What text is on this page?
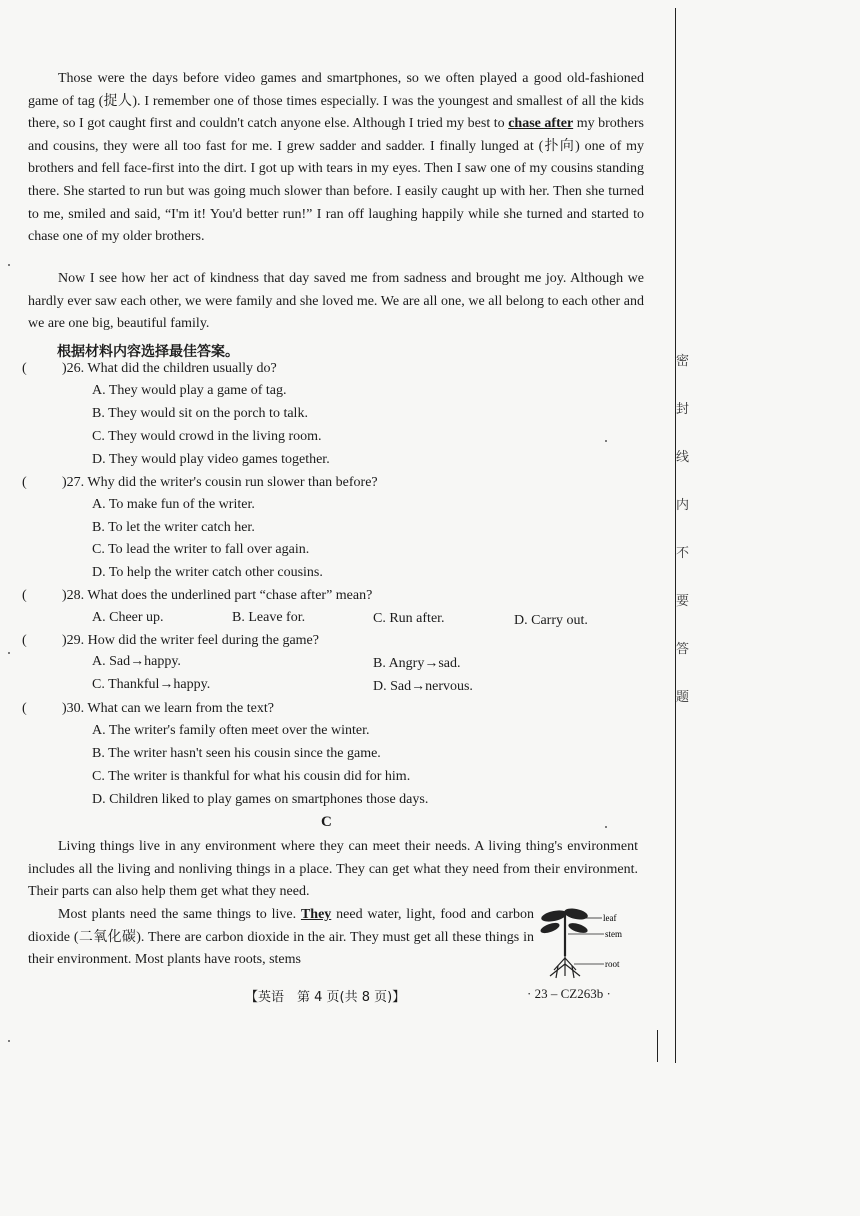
Those were the days before video games and smartphones, so we often played a good old-fashioned game of tag (捉人). I remember one of those times especially. I was the youngest and smallest of all the kids there, so I got caught first and couldn't catch anyone else. Although I tried my best to chase after my brothers and cousins, they were all too fast for me. I grew sadder and sadder. I finally lunged at (扑向) one of my brothers and fell face-first into the dirt. I got up with tears in my eyes. Then I saw one of my cousins standing there. She started to run but was going much slower than before. I easily caught up with her. Then she turned to me, smiled and said, “I'm it! You'd better run!” I ran off laughing happily while she turned and started to chase one of my older brothers.
Now I see how her act of kindness that day saved me from sadness and brought me joy. Although we hardly ever saw each other, we were family and she loved me. We are all one, we all belong to each other and we are one big, beautiful family.
根据材料内容选择最佳答案。
(	)26. What did the children usually do?
A. They would play a game of tag.
B. They would sit on the porch to talk.
C. They would crowd in the living room.
D. They would play video games together.
(	)27. Why did the writer's cousin run slower than before?
A. To make fun of the writer.
B. To let the writer catch her.
C. To lead the writer to fall over again.
D. To help the writer catch other cousins.
(	)28. What does the underlined part “chase after” mean?
A. Cheer up.	B. Leave for.	C. Run after.	D. Carry out.
(	)29. How did the writer feel during the game?
A. Sad→happy.	B. Angry→sad.
C. Thankful→happy.	D. Sad→nervous.
(	)30. What can we learn from the text?
A. The writer's family often meet over the winter.
B. The writer hasn't seen his cousin since the game.
C. The writer is thankful for what his cousin did for him.
D. Children liked to play games on smartphones those days.
C
Living things live in any environment where they can meet their needs. A living thing's environment includes all the living and nonliving things in a place. They can get what they need from their environment. Their parts can also help them get what they need.
Most plants need the same things to live. They need water, light, food and carbon dioxide (二氧化碳). There are carbon dioxide in the air. They must get all these things in their environment. Most plants have roots, stems
leaf
stem
root
【英语　第 4 页(共 8 页)】	· 23 – CZ263b ·
密
封
线
内
不
要
答
题
